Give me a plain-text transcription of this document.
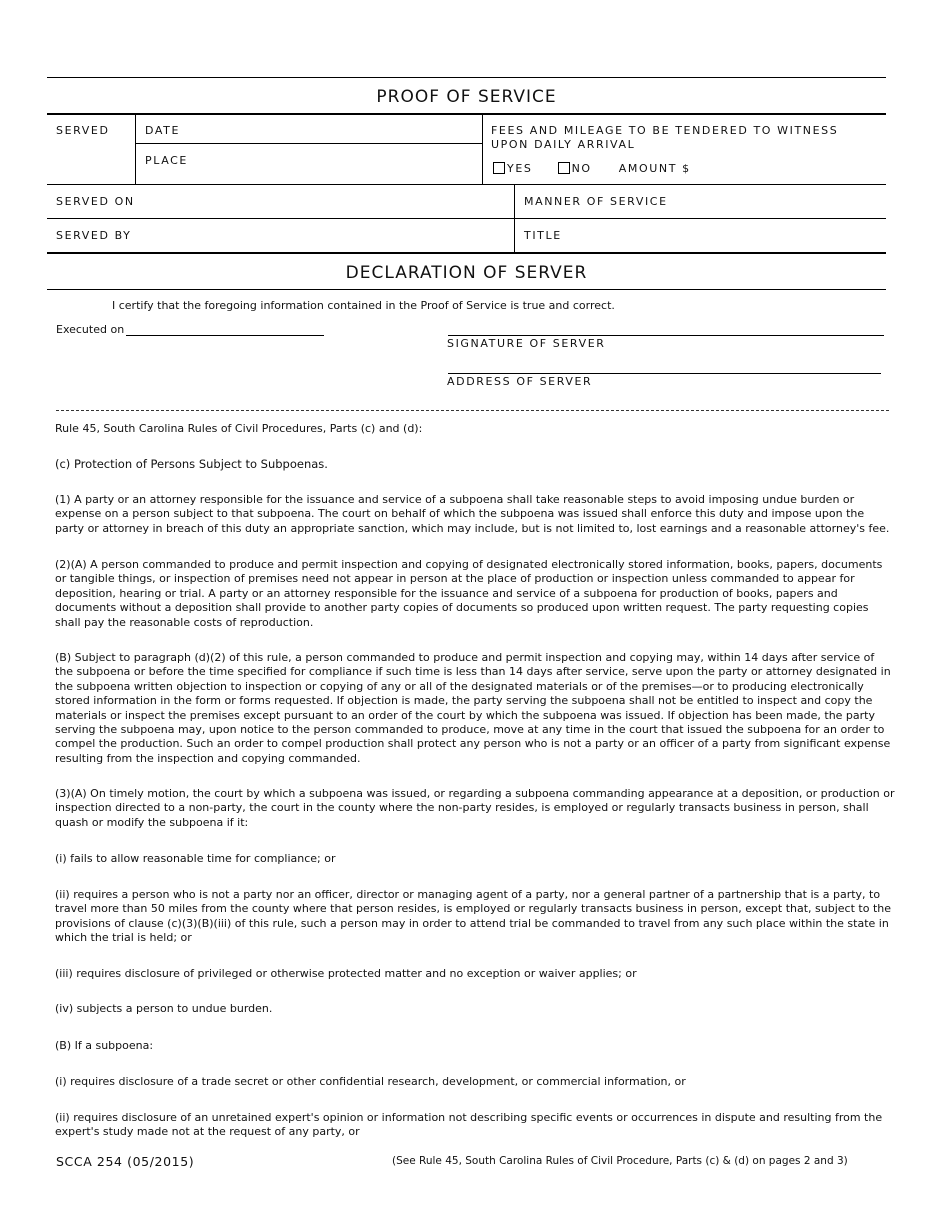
PROOF OF SERVICE
SERVED	DATE
PLACE
FEES AND MILEAGE TO BE TENDERED TO WITNESS UPON DAILY ARRIVAL
YES	NO AMOUNT $
SERVED ON	MANNER OF SERVICE
SERVED BY	TITLE
DECLARATION OF SERVER
I certify that the foregoing information contained in the Proof of Service is true and correct.
Executed on
SIGNATURE OF SERVER
ADDRESS OF SERVER

Rule 45, South Carolina Rules of Civil Procedures, Parts (c) and (d):

(c) Protection of Persons Subject to Subpoenas.

(1) A party or an attorney responsible for the issuance and service of a subpoena shall take reasonable steps to avoid imposing undue burden or expense on a person subject to that subpoena. The court on behalf of which the subpoena was issued shall enforce this duty and impose upon the party or attorney in breach of this duty an appropriate sanction, which may include, but is not limited to, lost earnings and a reasonable attorney's fee.

(2)(A) A person commanded to produce and permit inspection and copying of designated electronically stored information, books, papers, documents or tangible things, or inspection of premises need not appear in person at the place of production or inspection unless commanded to appear for deposition, hearing or trial. A party or an attorney responsible for the issuance and service of a subpoena for production of books, papers and documents without a deposition shall provide to another party copies of documents so produced upon written request. The party requesting copies shall pay the reasonable costs of reproduction.

(B) Subject to paragraph (d)(2) of this rule, a person commanded to produce and permit inspection and copying may, within 14 days after service of the subpoena or before the time specified for compliance if such time is less than 14 days after service, serve upon the party or attorney designated in the subpoena written objection to inspection or copying of any or all of the designated materials or of the premises—or to producing electronically stored information in the form or forms requested. If objection is made, the party serving the subpoena shall not be entitled to inspect and copy the materials or inspect the premises except pursuant to an order of the court by which the subpoena was issued. If objection has been made, the party serving the subpoena may, upon notice to the person commanded to produce, move at any time in the court that issued the subpoena for an order to compel the production. Such an order to compel production shall protect any person who is not a party or an officer of a party from significant expense resulting from the inspection and copying commanded.

(3)(A) On timely motion, the court by which a subpoena was issued, or regarding a subpoena commanding appearance at a deposition, or production or inspection directed to a non-party, the court in the county where the non-party resides, is employed or regularly transacts business in person, shall quash or modify the subpoena if it:

(i) fails to allow reasonable time for compliance; or

(ii) requires a person who is not a party nor an officer, director or managing agent of a party, nor a general partner of a partnership that is a party, to travel more than 50 miles from the county where that person resides, is employed or regularly transacts business in person, except that, subject to the provisions of clause (c)(3)(B)(iii) of this rule, such a person may in order to attend trial be commanded to travel from any such place within the state in which the trial is held; or

(iii) requires disclosure of privileged or otherwise protected matter and no exception or waiver applies; or

(iv) subjects a person to undue burden.

(B) If a subpoena:

(i) requires disclosure of a trade secret or other confidential research, development, or commercial information, or

(ii) requires disclosure of an unretained expert's opinion or information not describing specific events or occurrences in dispute and resulting from the expert's study made not at the request of any party, or

SCCA 254 (05/2015)	(See Rule 45, South Carolina Rules of Civil Procedure, Parts (c) & (d) on pages 2 and 3)
